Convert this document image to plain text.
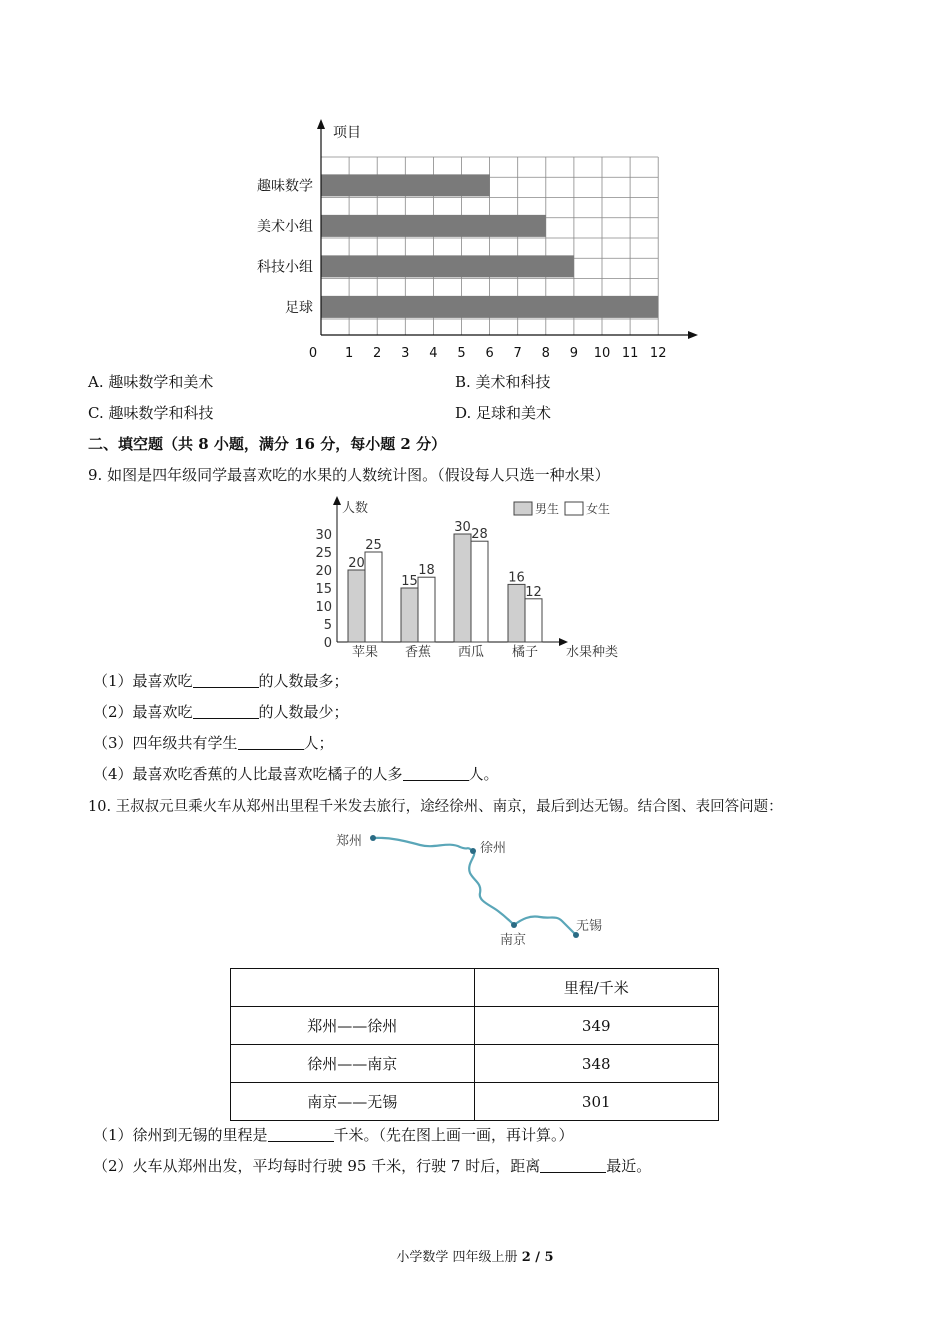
项目
趣味数学
美术小组
科技小组
足球
0 1 2 3 4 5 6 7 8 9 10 11 12
A. 趣味数学和美术	B. 美术和科技
C. 趣味数学和科技	D. 足球和美术
二、填空题（共 8 小题，满分 16 分，每小题 2 分）
9. 如图是四年级同学最喜欢吃的水果的人数统计图。（假设每人只选一种水果）
人数
水果种类
0
5
10
15
20
25
30
20
25
15
18
30 28
16
12
苹果 香蕉 西瓜 橘子
男生 女生
（1）最喜欢吃	的人数最多；
（2）最喜欢吃	的人数最少；
（3）四年级共有学生	人；
（4）最喜欢吃香蕉的人比最喜欢吃橘子的人多	人。
10. 王叔叔元旦乘火车从郑州出里程千米发去旅行，途经徐州、南京，最后到达无锡。结合图、表回答问题：
郑州	徐州
南京
无锡
	里程/千米
郑州——徐州	349
徐州——南京	348
南京——无锡	301
（1）徐州到无锡的里程是	千米。（先在图上画一画，再计算。）
（2）火车从郑州出发，平均每时行驶 95 千米，行驶 7 时后，距离	最近。
小学数学 四年级上册 2 / 5
